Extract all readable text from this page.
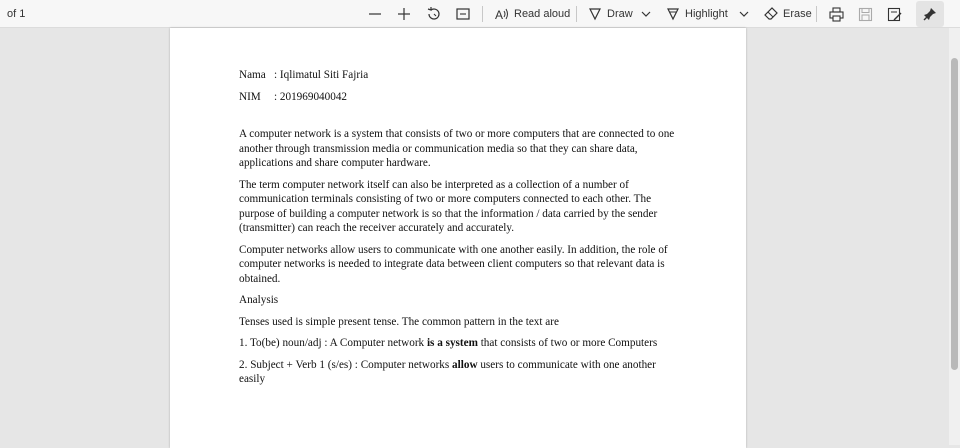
of 1	A Read aloud	Draw	Highlight	Erase
Nama : Iqlimatul Siti Fajria
NIM	: 201969040042

A computer network is a system that consists of two or more computers that are connected to one another through transmission media or communication media so that they can share data, applications and share computer hardware.

The term computer network itself can also be interpreted as a collection of a number of communication terminals consisting of two or more computers connected to each other. The purpose of building a computer network is so that the information / data carried by the sender (transmitter) can reach the receiver accurately and accurately.

Computer networks allow users to communicate with one another easily. In addition, the role of computer networks is needed to integrate data between client computers so that relevant data is obtained.

Analysis

Tenses used is simple present tense. The common pattern in the text are

1. To(be) noun/adj : A Computer network is a system that consists of two or more Computers

2. Subject + Verb 1 (s/es) : Computer networks allow users to communicate with one another easily
